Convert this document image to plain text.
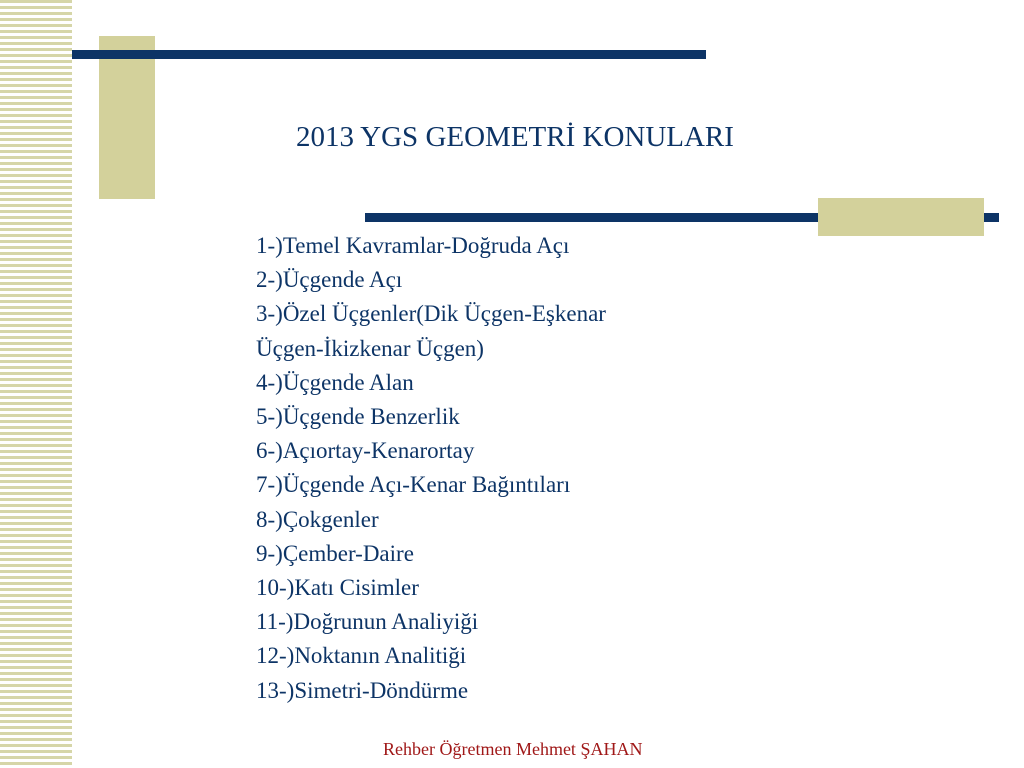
2013 YGS GEOMETRİ KONULARI
1-)Temel Kavramlar-Doğruda Açı
2-)Üçgende Açı
3-)Özel Üçgenler(Dik Üçgen-Eşkenar
Üçgen-İkizkenar Üçgen)
4-)Üçgende Alan
5-)Üçgende Benzerlik
6-)Açıortay-Kenarortay
7-)Üçgende Açı-Kenar Bağıntıları
8-)Çokgenler
9-)Çember-Daire
10-)Katı Cisimler
11-)Doğrunun Analiyiği
12-)Noktanın Analitiği
13-)Simetri-Döndürme
Rehber Öğretmen Mehmet ŞAHAN
